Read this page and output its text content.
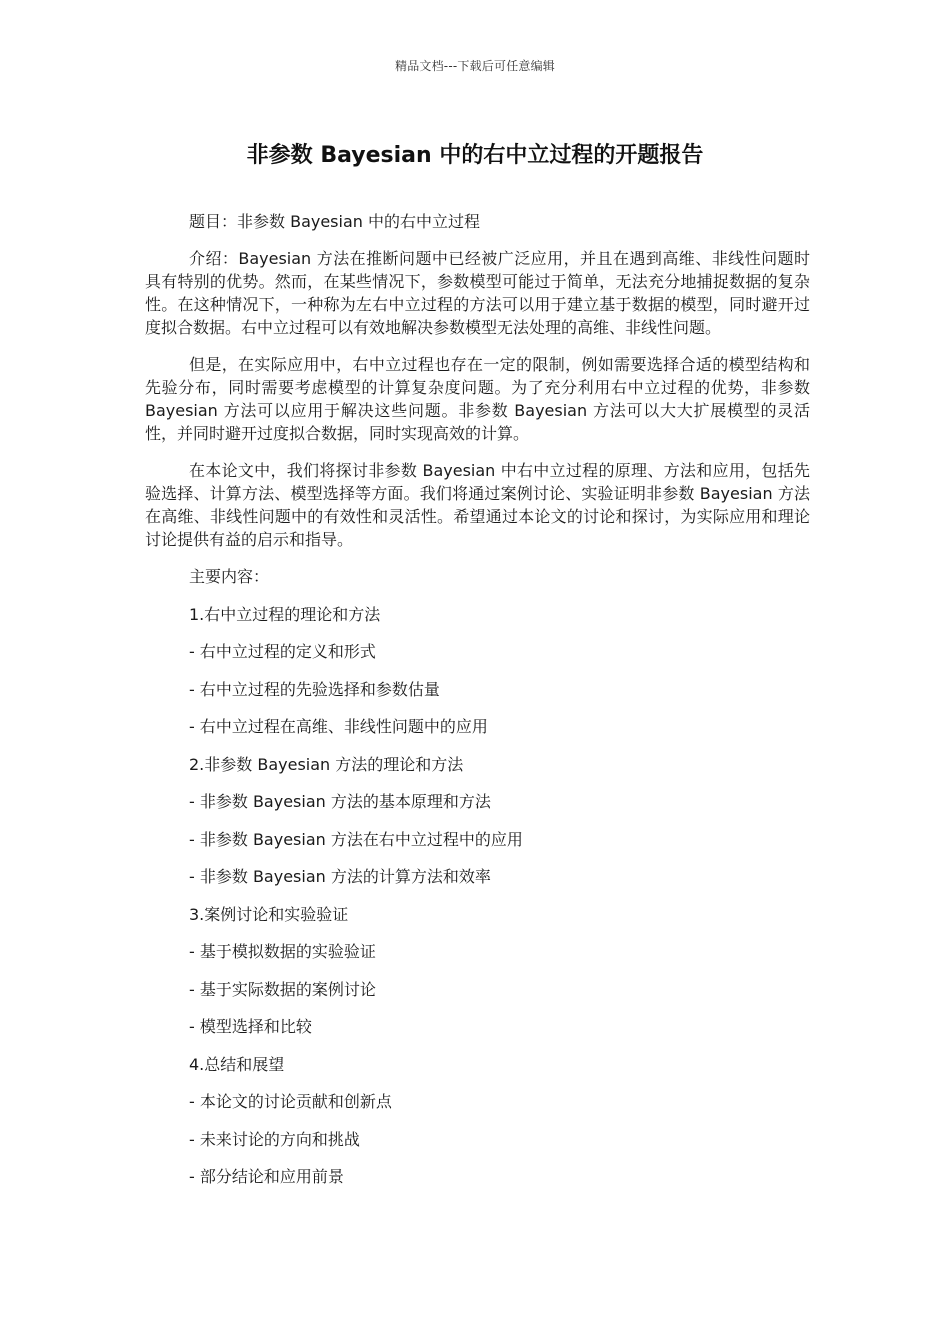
精品文档---下载后可任意编辑
非参数 Bayesian 中的右中立过程的开题报告

题目：非参数 Bayesian 中的右中立过程

介绍：Bayesian 方法在推断问题中已经被广泛应用，并且在遇到高维、非线性问题时具有特别的优势。然而，在某些情况下，参数模型可能过于简单，无法充分地捕捉数据的复杂性。在这种情况下，一种称为左右中立过程的方法可以用于建立基于数据的模型，同时避开过度拟合数据。右中立过程可以有效地解决参数模型无法处理的高维、非线性问题。

但是，在实际应用中，右中立过程也存在一定的限制，例如需要选择合适的模型结构和先验分布，同时需要考虑模型的计算复杂度问题。为了充分利用右中立过程的优势，非参数 Bayesian 方法可以应用于解决这些问题。非参数 Bayesian 方法可以大大扩展模型的灵活性，并同时避开过度拟合数据，同时实现高效的计算。

在本论文中，我们将探讨非参数 Bayesian 中右中立过程的原理、方法和应用，包括先验选择、计算方法、模型选择等方面。我们将通过案例讨论、实验证明非参数 Bayesian 方法在高维、非线性问题中的有效性和灵活性。希望通过本论文的讨论和探讨，为实际应用和理论讨论提供有益的启示和指导。

主要内容：
1.右中立过程的理论和方法
- 右中立过程的定义和形式
- 右中立过程的先验选择和参数估量
- 右中立过程在高维、非线性问题中的应用
2.非参数 Bayesian 方法的理论和方法
- 非参数 Bayesian 方法的基本原理和方法
- 非参数 Bayesian 方法在右中立过程中的应用
- 非参数 Bayesian 方法的计算方法和效率
3.案例讨论和实验验证
- 基于模拟数据的实验验证
- 基于实际数据的案例讨论
- 模型选择和比较
4.总结和展望
- 本论文的讨论贡献和创新点
- 未来讨论的方向和挑战
- 部分结论和应用前景
